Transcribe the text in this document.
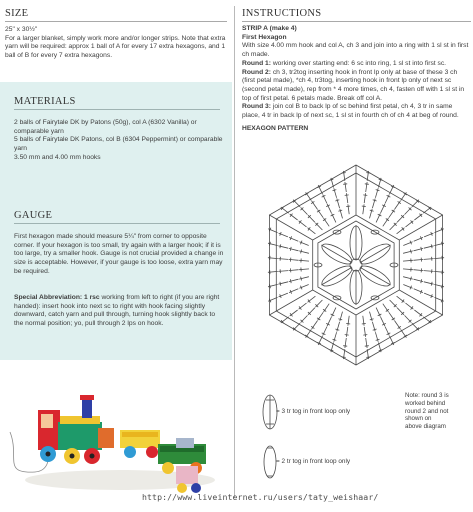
SIZE
25" x 30½"
For a larger blanket, simply work more and/or longer strips. Note that extra yarn will be required: approx 1 ball of A for every 17 extra hexagons, and 1 ball of B for every 7 extra hexagons.
MATERIALS
2 balls of Fairytale DK by Patons (50g), col A (6302 Vanilla) or comparable yarn
5 balls of Fairytale DK Patons, col B (6304 Peppermint) or comparable yarn
3.50 mm and 4.00 mm hooks
GAUGE
First hexagon made should measure 5¼" from corner to opposite corner. If your hexagon is too small, try again with a larger hook; if it is too large, try a smaller hook. Gauge is not crucial provided a change in size is acceptable. However, if your gauge is too loose, extra yarn may be required.
Special Abbreviation: 1 rsc working from left to right (if you are right handed): insert hook into next sc to right with hook facing slightly downward, catch yarn and pull through, turning hook slightly back to the normal position; yo, pull through 2 lps on hook.
INSTRUCTIONS
STRIP A (make 4)
First Hexagon
With size 4.00 mm hook and col A, ch 3 and join into a ring with 1 sl st in first ch made.
Round 1: working over starting end: 6 sc into ring, 1 sl st into first sc.
Round 2: ch 3, tr2tog inserting hook in front lp only at base of these 3 ch (first petal made), *ch 4, tr3tog, inserting hook in front lp only of next sc (second petal made), rep from * 4 more times, ch 4, fasten off with 1 sl st in top of first petal. 6 petals made. Break off col A.
Round 3: join col B to back lp of sc behind first petal, ch 4, 3 tr in same place, 4 tr in back lp of next sc, 1 sl st in fourth ch of ch 4 at beg of round.
HEXAGON PATTERN
Note: round 3 is
worked behind
round 2 and not
shown on
above diagram
= 3 tr tog in front loop only
= 2 tr tog in front loop only
http://www.liveinternet.ru/users/taty_weishaar/
